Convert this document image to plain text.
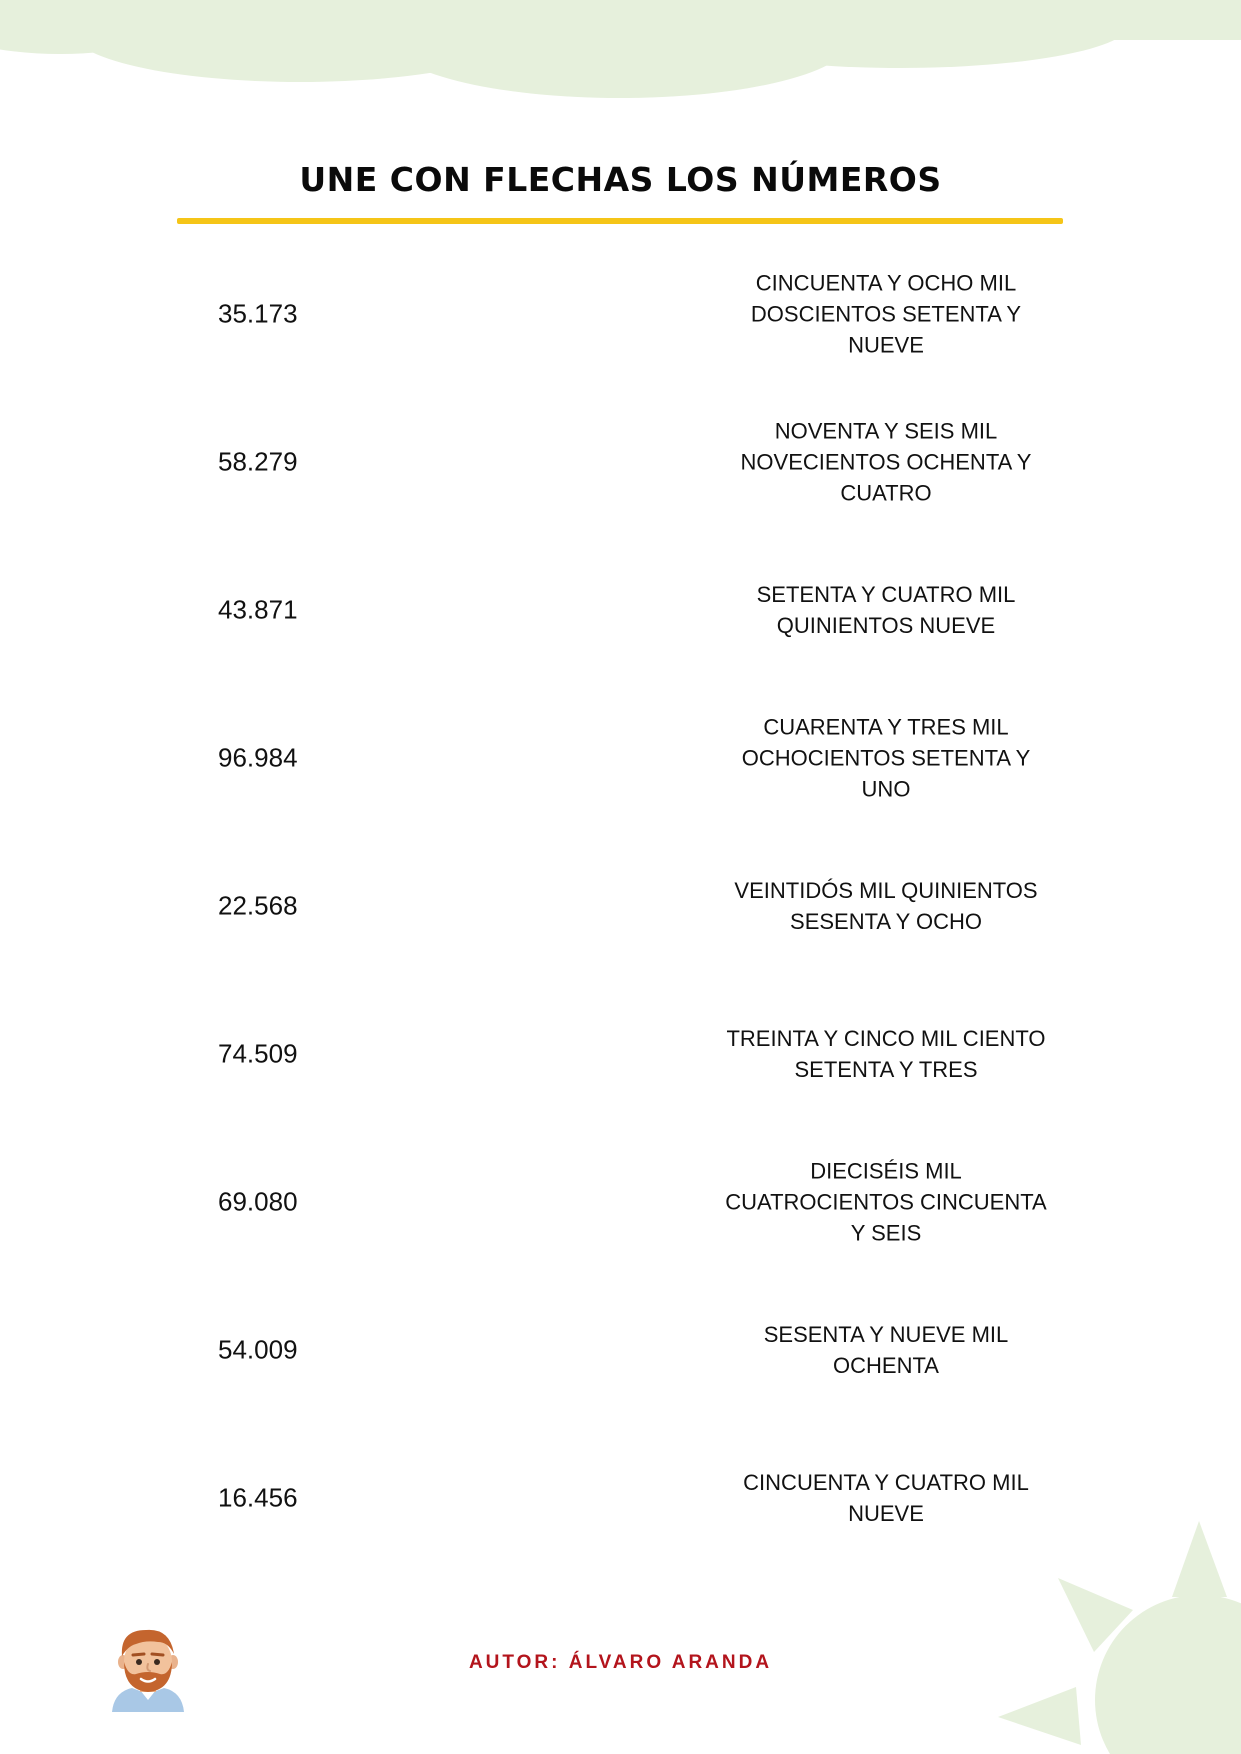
UNE CON FLECHAS LOS NÚMEROS
35.173
CINCUENTA Y OCHO MIL DOSCIENTOS SETENTA Y NUEVE
58.279
NOVENTA Y SEIS MIL NOVECIENTOS OCHENTA Y CUATRO
43.871	SETENTA Y CUATRO MIL QUINIENTOS NUEVE
96.984
CUARENTA Y TRES MIL OCHOCIENTOS SETENTA Y UNO
22.568	VEINTIDÓS MIL QUINIENTOS SESENTA Y OCHO
74.509	TREINTA Y CINCO MIL CIENTO SETENTA Y TRES
69.080
DIECISÉIS MIL CUATROCIENTOS CINCUENTA Y SEIS
54.009	SESENTA Y NUEVE MIL OCHENTA
16.456	CINCUENTA Y CUATRO MIL NUEVE
AUTOR: ÁLVARO ARANDA
